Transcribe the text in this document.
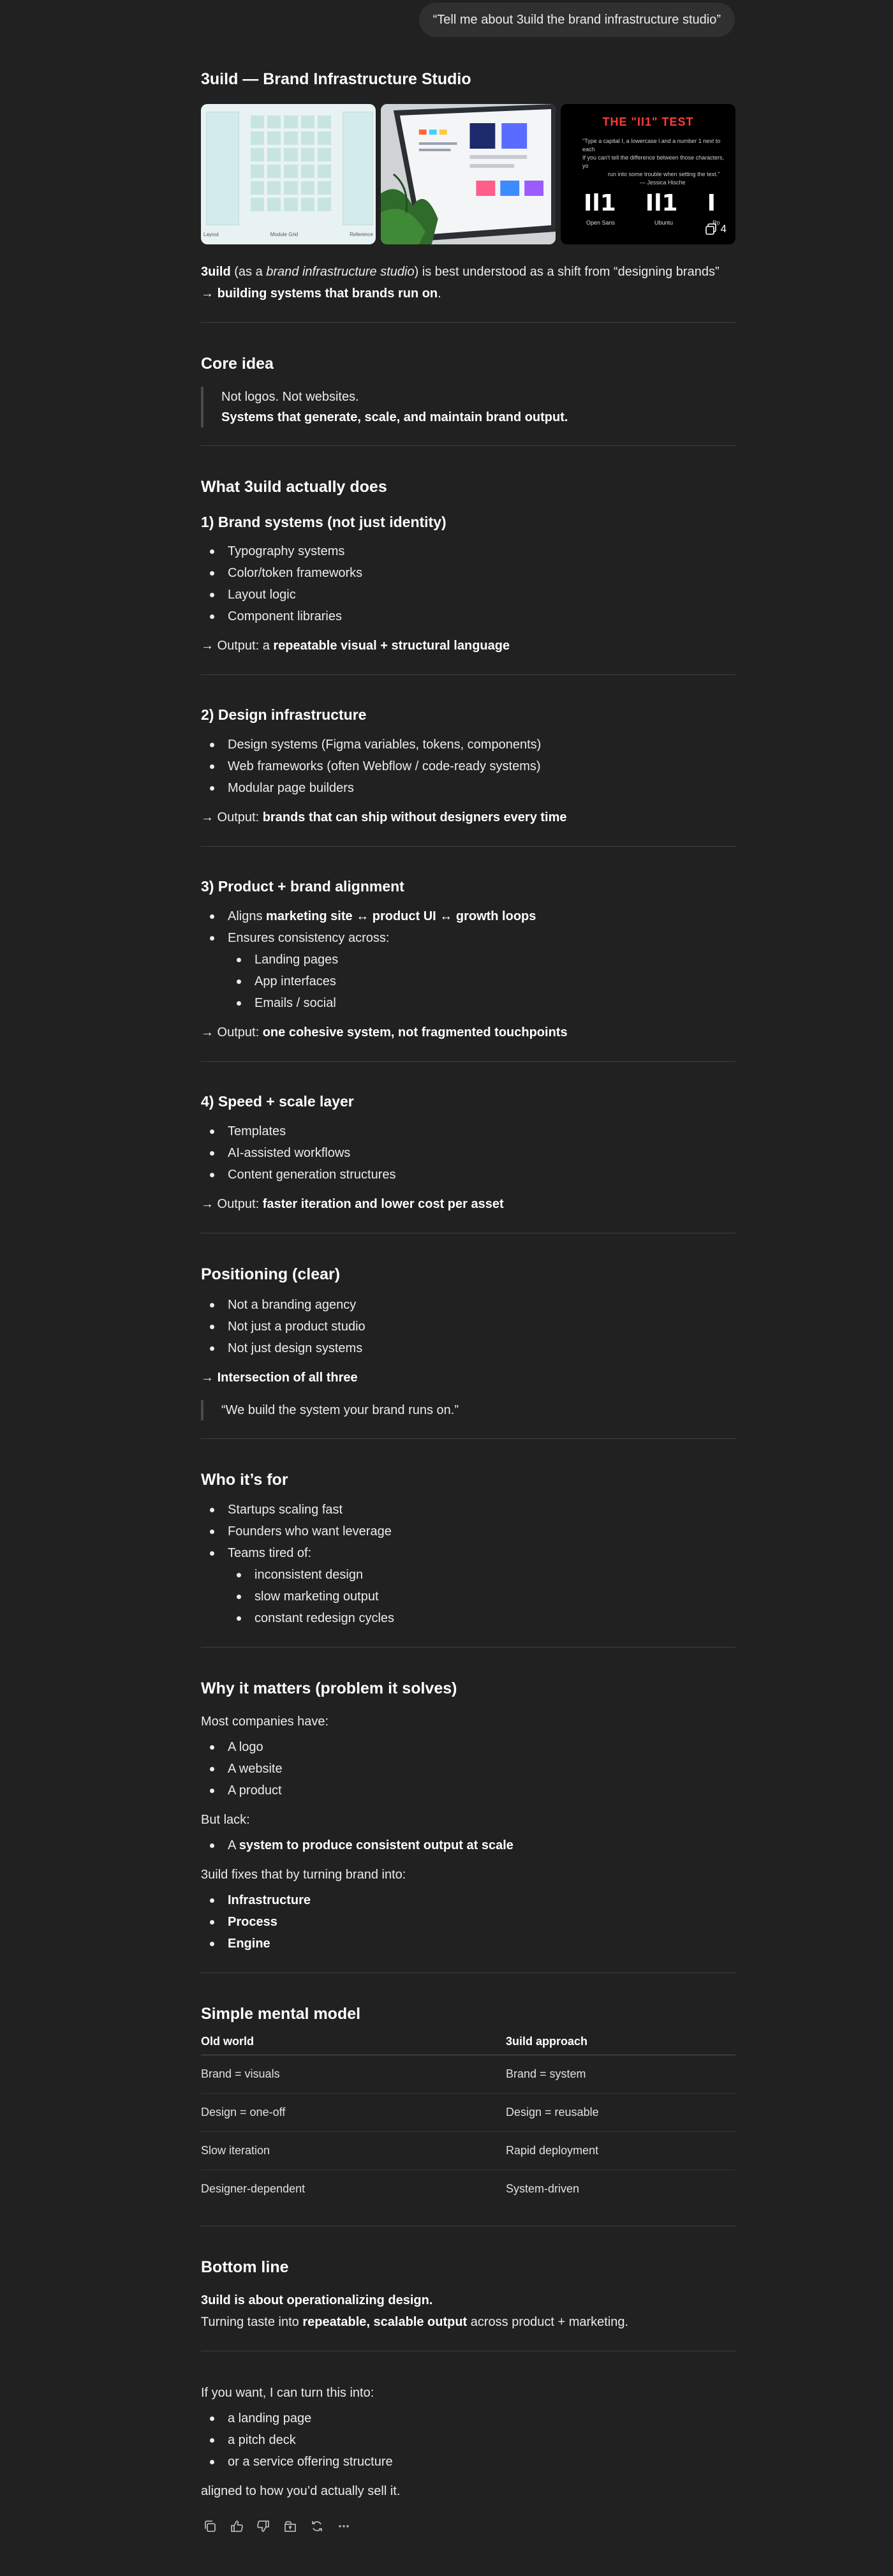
“Tell me about 3uild the brand infrastructure studio”
3uild — Brand Infrastructure Studio
Layout	Module Grid	Reference
THE "II1" TEST
"Type a capital I, a lowercase l and a number 1 next to each
If you can't tell the difference between those characters, yo
run into some trouble when setting the text."
— Jessica Hische
Il1 Il1 I
Open Sans	Ubuntu	Ro 4

3uild (as a brand infrastructure studio) is best understood as a shift from “designing brands” → building systems that brands run on.

Core idea
Not logos. Not websites.
Systems that generate, scale, and maintain brand output.
What 3uild actually does
1) Brand systems (not just identity)
Typography systems
Color/token frameworks
Layout logic
Component libraries

→ Output: a repeatable visual + structural language

2) Design infrastructure
Design systems (Figma variables, tokens, components)
Web frameworks (often Webflow / code-ready systems)
Modular page builders

→ Output: brands that can ship without designers every time

3) Product + brand alignment
Aligns marketing site ↔ product UI ↔ growth loops
Ensures consistency across:
Landing pages
App interfaces
Emails / social

→ Output: one cohesive system, not fragmented touchpoints

4) Speed + scale layer
Templates
AI-assisted workflows
Content generation structures

→ Output: faster iteration and lower cost per asset

Positioning (clear)
Not a branding agency
Not just a product studio
Not just design systems

→ Intersection of all three

“We build the system your brand runs on.”
Who it’s for
Startups scaling fast
Founders who want leverage
Teams tired of:
inconsistent design
slow marketing output
constant redesign cycles
Why it matters (problem it solves)

Most companies have:

A logo
A website
A product

But lack:

A system to produce consistent output at scale

3uild fixes that by turning brand into:

Infrastructure
Process
Engine
Simple mental model
Old world	3uild approach
Brand = visuals	Brand = system
Design = one-off	Design = reusable
Slow iteration	Rapid deployment
Designer-dependent	System-driven
Bottom line

3uild is about operationalizing design.

Turning taste into repeatable, scalable output across product + marketing.

If you want, I can turn this into:

a landing page
a pitch deck
or a service offering structure

aligned to how you’d actually sell it.
